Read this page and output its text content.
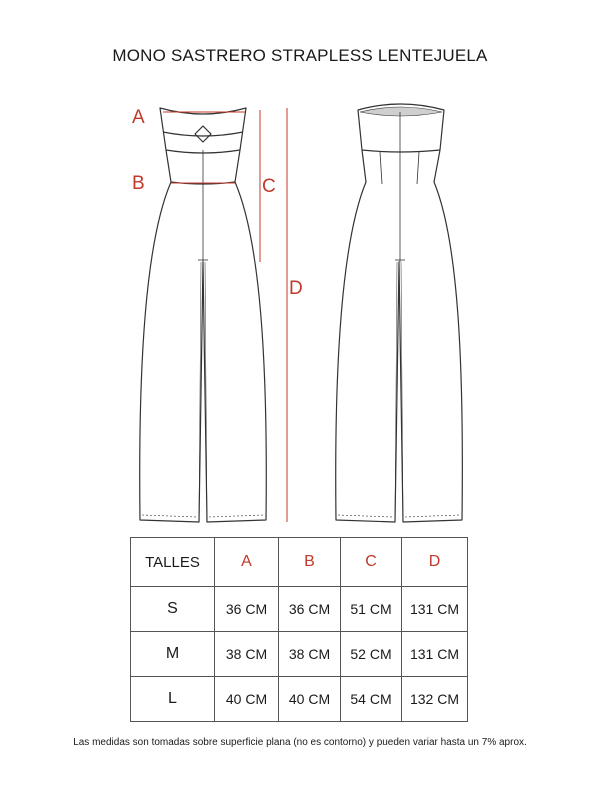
MONO SASTRERO STRAPLESS LENTEJUELA
A
B	C
D
TALLES	A	B	C	D
S	36 CM	36 CM	51 CM	131 CM
M	38 CM	38 CM	52 CM	131 CM
L	40 CM	40 CM	54 CM	132 CM
Las medidas son tomadas sobre superficie plana (no es contorno) y pueden variar hasta un 7% aprox.
